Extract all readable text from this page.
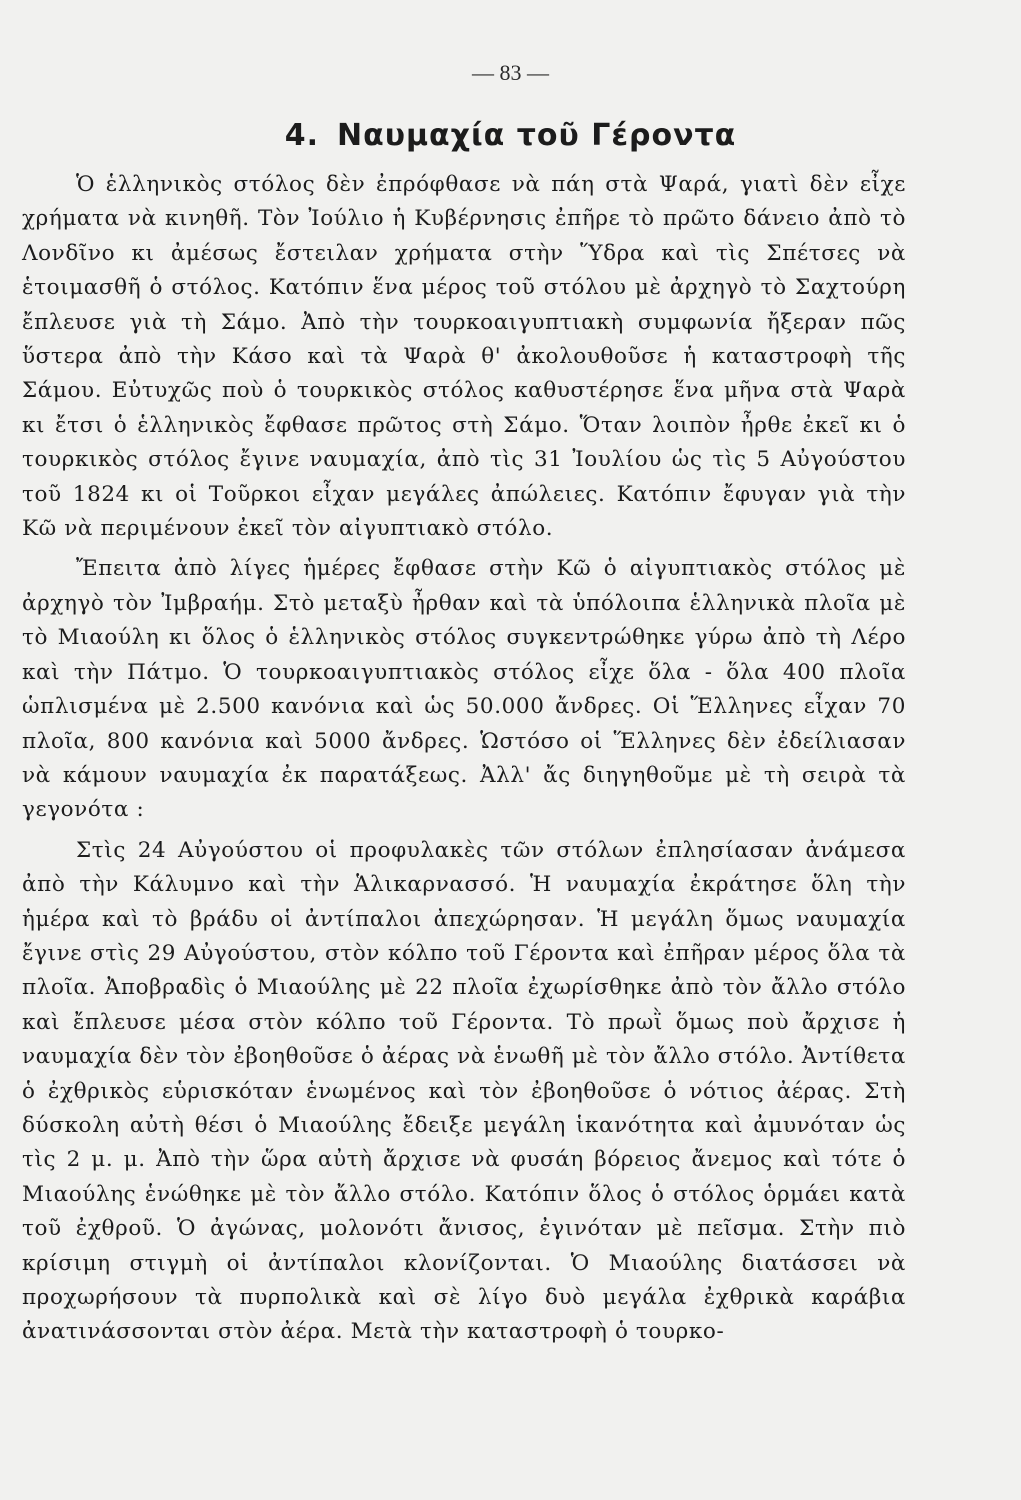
— 83 —
4. Ναυμαχία τοῦ Γέροντα

Ὁ ἑλληνικὸς στόλος δὲν ἐπρόφθασε νὰ πάη στὰ Ψαρά, γιατὶ δὲν εἶχε χρήματα νὰ κινηθῆ. Τὸν Ἰούλιο ἡ Κυβέρνησις ἐπῆρε τὸ πρῶτο δάνειο ἀπὸ τὸ Λονδῖνο κι ἀμέσως ἔστειλαν χρήματα στὴν Ὕδρα καὶ τὶς Σπέτσες νὰ ἑτοιμασθῆ ὁ στόλος. Κατόπιν ἕνα μέρος τοῦ στόλου μὲ ἀρχηγὸ τὸ Σαχτούρη ἔπλευσε γιὰ τὴ Σάμο. Ἀπὸ τὴν τουρκοαιγυπτιακὴ συμφωνία ἤξεραν πῶς ὕστερα ἀπὸ τὴν Κάσο καὶ τὰ Ψαρὰ θ' ἀκολουθοῦσε ἡ καταστροφὴ τῆς Σάμου. Εὐτυχῶς ποὺ ὁ τουρκικὸς στόλος καθυστέρησε ἕνα μῆνα στὰ Ψαρὰ κι ἔτσι ὁ ἑλληνικὸς ἔφθασε πρῶτος στὴ Σάμο. Ὅταν λοιπὸν ἦρθε ἐκεῖ κι ὁ τουρκικὸς στόλος ἔγινε ναυμαχία, ἀπὸ τὶς 31 Ἰουλίου ὡς τὶς 5 Αὐγούστου τοῦ 1824 κι οἱ Τοῦρκοι εἶχαν μεγάλες ἀπώλειες. Κατόπιν ἔφυγαν γιὰ τὴν Κῶ νὰ περιμένουν ἐκεῖ τὸν αἰγυπτιακὸ στόλο.

Ἔπειτα ἀπὸ λίγες ἡμέρες ἔφθασε στὴν Κῶ ὁ αἰγυπτιακὸς στόλος μὲ ἀρχηγὸ τὸν Ἰμβραήμ. Στὸ μεταξὺ ἦρθαν καὶ τὰ ὑπόλοιπα ἑλληνικὰ πλοῖα μὲ τὸ Μιαούλη κι ὅλος ὁ ἑλληνικὸς στόλος συγκεντρώθηκε γύρω ἀπὸ τὴ Λέρο καὶ τὴν Πάτμο. Ὁ τουρκοαιγυπτιακὸς στόλος εἶχε ὅλα - ὅλα 400 πλοῖα ὡπλισμένα μὲ 2.500 κανόνια καὶ ὡς 50.000 ἄνδρες. Οἱ Ἕλληνες εἶχαν 70 πλοῖα, 800 κανόνια καὶ 5000 ἄνδρες. Ὡστόσο οἱ Ἕλληνες δὲν ἐδείλιασαν νὰ κάμουν ναυμαχία ἐκ παρατάξεως. Ἀλλ' ἄς διηγηθοῦμε μὲ τὴ σειρὰ τὰ γεγονότα :

Στὶς 24 Αὐγούστου οἱ προφυλακὲς τῶν στόλων ἐπλησίασαν ἀνάμεσα ἀπὸ τὴν Κάλυμνο καὶ τὴν Ἁλικαρνασσό. Ἡ ναυμαχία ἐκράτησε ὅλη τὴν ἡμέρα καὶ τὸ βράδυ οἱ ἀντίπαλοι ἀπεχώρησαν. Ἡ μεγάλη ὅμως ναυμαχία ἔγινε στὶς 29 Αὐγούστου, στὸν κόλπο τοῦ Γέροντα καὶ ἐπῆραν μέρος ὅλα τὰ πλοῖα. Ἀποβραδὶς ὁ Μιαούλης μὲ 22 πλοῖα ἐχωρίσθηκε ἀπὸ τὸν ἄλλο στόλο καὶ ἔπλευσε μέσα στὸν κόλπο τοῦ Γέροντα. Τὸ πρωῒ ὅμως ποὺ ἄρχισε ἡ ναυμαχία δὲν τὸν ἐβοηθοῦσε ὁ ἀέρας νὰ ἑνωθῆ μὲ τὸν ἄλλο στόλο. Ἀντίθετα ὁ ἐχθρικὸς εὑρισκόταν ἑνωμένος καὶ τὸν ἐβοηθοῦσε ὁ νότιος ἀέρας. Στὴ δύσκολη αὐτὴ θέσι ὁ Μιαούλης ἔδειξε μεγάλη ἱκανότητα καὶ ἀμυνόταν ὡς τὶς 2 μ. μ. Ἀπὸ τὴν ὥρα αὐτὴ ἄρχισε νὰ φυσάη βόρειος ἄνεμος καὶ τότε ὁ Μιαούλης ἑνώθηκε μὲ τὸν ἄλλο στόλο. Κατόπιν ὅλος ὁ στόλος ὁρμάει κατὰ τοῦ ἐχθροῦ. Ὁ ἀγώνας, μολονότι ἄνισος, ἐγινόταν μὲ πεῖσμα. Στὴν πιὸ κρίσιμη στιγμὴ οἱ ἀντίπαλοι κλονίζονται. Ὁ Μιαούλης διατάσσει νὰ προχωρήσουν τὰ πυρπολικὰ καὶ σὲ λίγο δυὸ μεγάλα ἐχθρικὰ καράβια ἀνατινάσσονται στὸν ἀέρα. Μετὰ τὴν καταστροφὴ ὁ τουρκο-
